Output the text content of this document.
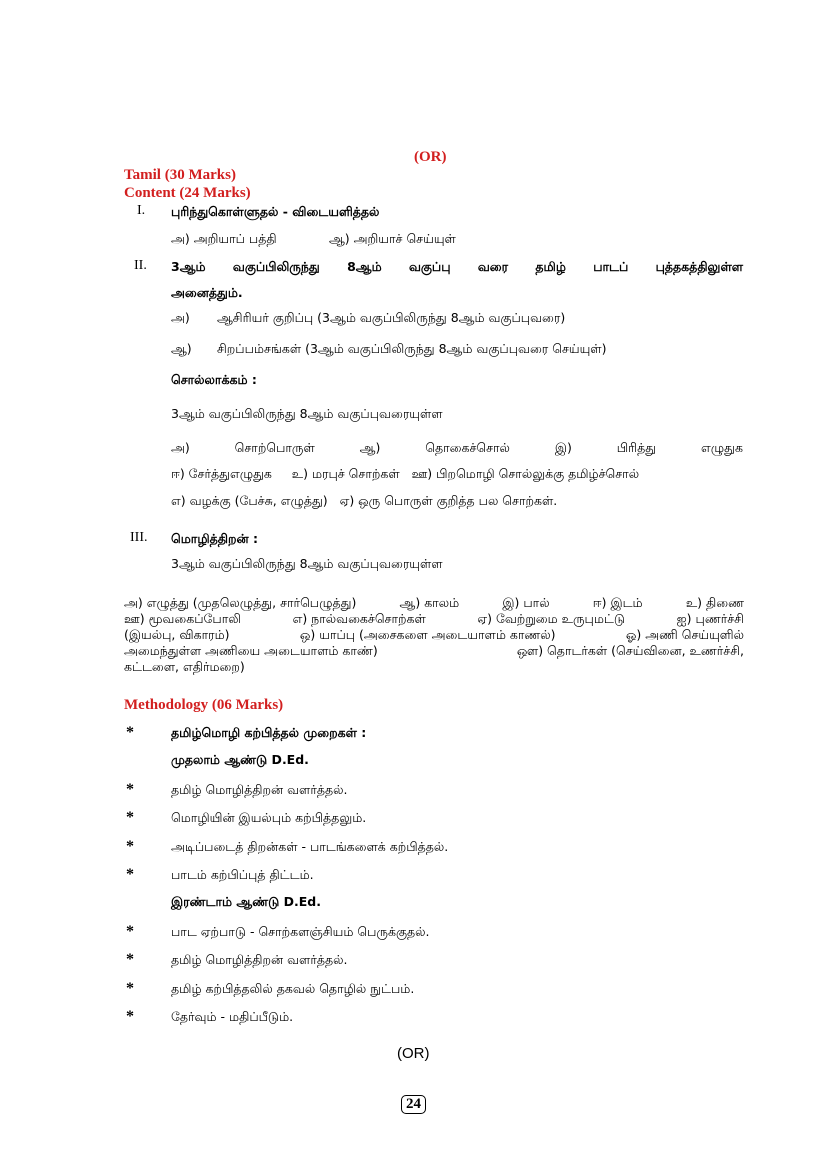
(OR)
Tamil (30 Marks)
Content (24 Marks)
I. புரிந்துகொள்ளுதல் - விடையளித்தல்
அ) அறியாப் பத்தி	ஆ) அறியாச் செய்யுள்
II. 3ஆம் வகுப்பிலிருந்து 8ஆம் வகுப்பு வரை தமிழ் பாடப் புத்தகத்திலுள்ள
அனைத்தும்.
அ) ஆசிரியர் குறிப்பு (3ஆம் வகுப்பிலிருந்து 8ஆம் வகுப்புவரை)
ஆ) சிறப்பம்சங்கள் (3ஆம் வகுப்பிலிருந்து 8ஆம் வகுப்புவரை செய்யுள்)
சொல்லாக்கம் :
3ஆம் வகுப்பிலிருந்து 8ஆம் வகுப்புவரையுள்ள
அ)	சொற்பொருள்	ஆ)	தொகைச்சொல்	இ)	பிரித்து	எழுதுக
ஈ) சேர்த்துஎழுதுக     உ) மரபுச் சொற்கள்   ஊ) பிறமொழி சொல்லுக்கு தமிழ்ச்சொல்
எ) வழக்கு (பேச்சு, எழுத்து)   ஏ) ஒரு பொருள் குறித்த பல சொற்கள்.
III. மொழித்திறன் :
3ஆம் வகுப்பிலிருந்து 8ஆம் வகுப்புவரையுள்ள
அ) எழுத்து (முதலெழுத்து, சார்பெழுத்து)	ஆ) காலம்	இ) பால்	ஈ) இடம்	உ) திணை
ஊ) மூவகைப்போலி	எ) நால்வகைச்சொற்கள்	ஏ) வேற்றுமை உருபுமட்டு	ஐ) புணர்ச்சி
(இயல்பு, விகாரம்)	ஒ) யாப்பு (அசைகளை அடையாளம் காணல்)	ஓ) அணி செய்யுளில்
அமைந்துள்ள அணியை அடையாளம் காண்)	ஔ) தொடர்கள் (செய்வினை, உணர்ச்சி,
கட்டளை, எதிர்மறை)
Methodology (06 Marks)
*	தமிழ்மொழி கற்பித்தல் முறைகள் :
முதலாம் ஆண்டு D.Ed.
*	தமிழ் மொழித்திறன் வளர்த்தல்.
*	மொழியின் இயல்பும் கற்பித்தலும்.
*	அடிப்படைத் திறன்கள் - பாடங்களைக் கற்பித்தல்.
*	பாடம் கற்பிப்புத் திட்டம்.
இரண்டாம் ஆண்டு D.Ed.
*	பாட ஏற்பாடு - சொற்களஞ்சியம் பெருக்குதல்.
*	தமிழ் மொழித்திறன் வளர்த்தல்.
*	தமிழ் கற்பித்தலில் தகவல் தொழில் நுட்பம்.
*	தேர்வும் - மதிப்பீடும்.
(OR)
24
